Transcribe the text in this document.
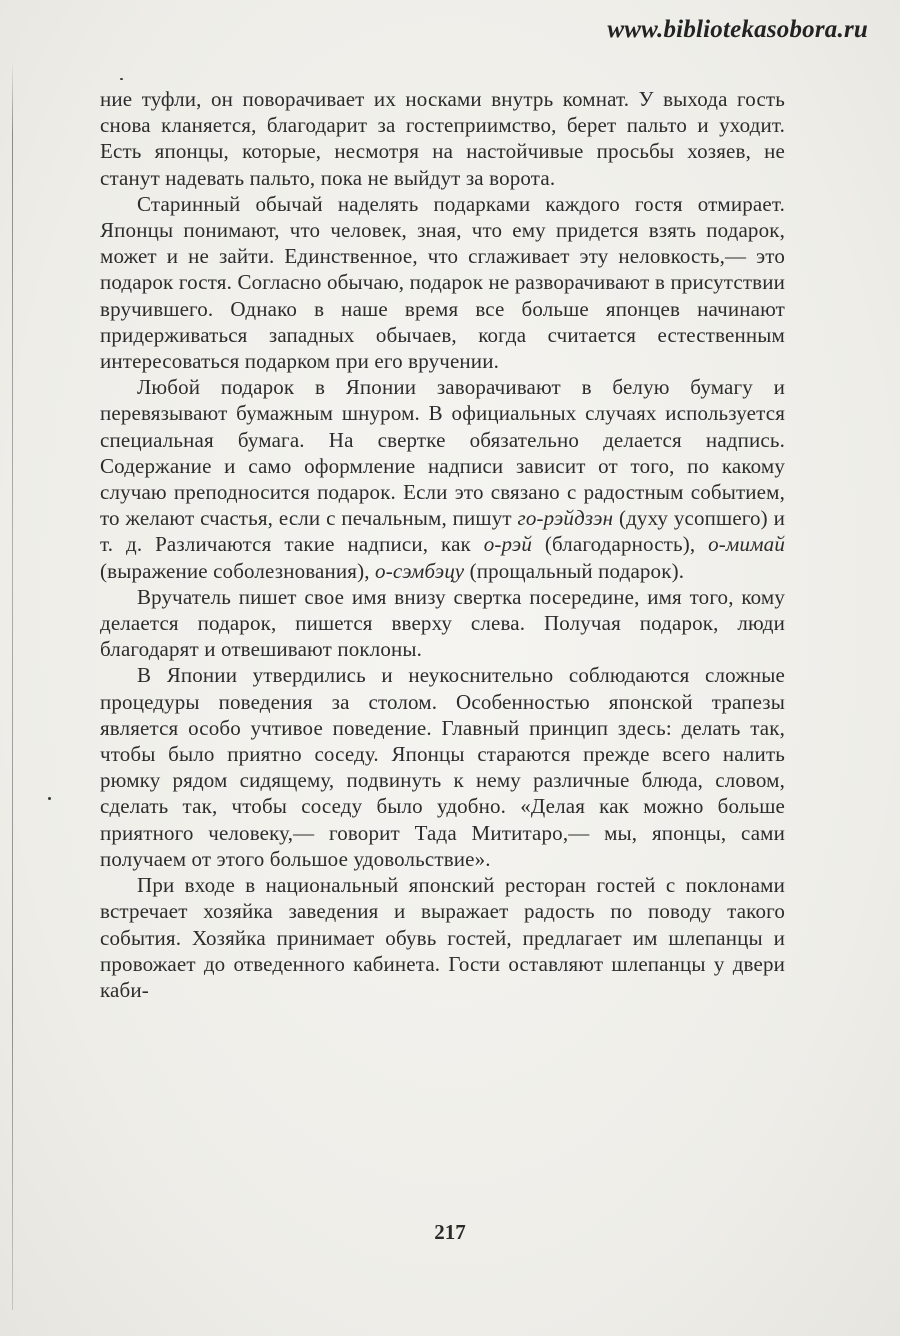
www.bibliotekasobora.ru

ние туфли, он поворачивает их носками внутрь комнат. У выхода гость снова кланяется, благодарит за гостеприимство, берет пальто и уходит. Есть японцы, которые, несмотря на настойчивые просьбы хозяев, не станут надевать пальто, пока не выйдут за ворота.

Старинный обычай наделять подарками каждого гостя отмирает. Японцы понимают, что человек, зная, что ему придется взять подарок, может и не зайти. Единственное, что сглаживает эту неловкость,— это подарок гостя. Согласно обычаю, подарок не разворачивают в присутствии вручившего. Однако в наше время все больше японцев начинают придерживаться западных обычаев, когда считается естественным интересоваться подарком при его вручении.

Любой подарок в Японии заворачивают в белую бумагу и перевязывают бумажным шнуром. В официальных случаях используется специальная бумага. На свертке обязательно делается надпись. Содержание и само оформление надписи зависит от того, по какому случаю преподносится подарок. Если это связано с радостным событием, то желают счастья, если с печальным, пишут го-рэйдзэн (духу усопшего) и т. д. Различаются такие надписи, как о-рэй (благодарность), о-мимай (выражение соболезнования), о-сэмбэцу (прощальный подарок).

Вручатель пишет свое имя внизу свертка посередине, имя того, кому делается подарок, пишется вверху слева. Получая подарок, люди благодарят и отвешивают поклоны.

В Японии утвердились и неукоснительно соблюдаются сложные процедуры поведения за столом. Особенностью японской трапезы является особо учтивое поведение. Главный принцип здесь: делать так, чтобы было приятно соседу. Японцы стараются прежде всего налить рюмку рядом сидящему, подвинуть к нему различные блюда, словом, сделать так, чтобы соседу было удобно. «Делая как можно больше приятного человеку,— говорит Тада Мититаро,— мы, японцы, сами получаем от этого большое удовольствие».

При входе в национальный японский ресторан гостей с поклонами встречает хозяйка заведения и выражает радость по поводу такого события. Хозяйка принимает обувь гостей, предлагает им шлепанцы и провожает до отведенного кабинета. Гости оставляют шлепанцы у двери каби-

217
